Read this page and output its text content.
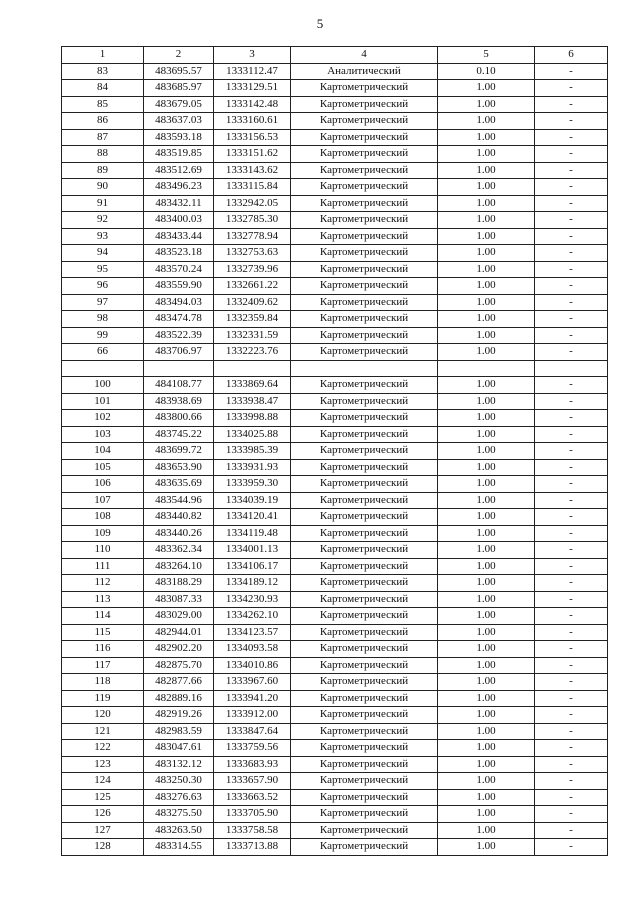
5
1	2	3	4	5	6
83	483695.57	1333112.47	Аналитический	0.10	-
84	483685.97	1333129.51	Картометрический	1.00	-
85	483679.05	1333142.48	Картометрический	1.00	-
86	483637.03	1333160.61	Картометрический	1.00	-
87	483593.18	1333156.53	Картометрический	1.00	-
88	483519.85	1333151.62	Картометрический	1.00	-
89	483512.69	1333143.62	Картометрический	1.00	-
90	483496.23	1333115.84	Картометрический	1.00	-
91	483432.11	1332942.05	Картометрический	1.00	-
92	483400.03	1332785.30	Картометрический	1.00	-
93	483433.44	1332778.94	Картометрический	1.00	-
94	483523.18	1332753.63	Картометрический	1.00	-
95	483570.24	1332739.96	Картометрический	1.00	-
96	483559.90	1332661.22	Картометрический	1.00	-
97	483494.03	1332409.62	Картометрический	1.00	-
98	483474.78	1332359.84	Картометрический	1.00	-
99	483522.39	1332331.59	Картометрический	1.00	-
66	483706.97	1332223.76	Картометрический	1.00	-

100	484108.77	1333869.64	Картометрический	1.00	-
101	483938.69	1333938.47	Картометрический	1.00	-
102	483800.66	1333998.88	Картометрический	1.00	-
103	483745.22	1334025.88	Картометрический	1.00	-
104	483699.72	1333985.39	Картометрический	1.00	-
105	483653.90	1333931.93	Картометрический	1.00	-
106	483635.69	1333959.30	Картометрический	1.00	-
107	483544.96	1334039.19	Картометрический	1.00	-
108	483440.82	1334120.41	Картометрический	1.00	-
109	483440.26	1334119.48	Картометрический	1.00	-
110	483362.34	1334001.13	Картометрический	1.00	-
111	483264.10	1334106.17	Картометрический	1.00	-
112	483188.29	1334189.12	Картометрический	1.00	-
113	483087.33	1334230.93	Картометрический	1.00	-
114	483029.00	1334262.10	Картометрический	1.00	-
115	482944.01	1334123.57	Картометрический	1.00	-
116	482902.20	1334093.58	Картометрический	1.00	-
117	482875.70	1334010.86	Картометрический	1.00	-
118	482877.66	1333967.60	Картометрический	1.00	-
119	482889.16	1333941.20	Картометрический	1.00	-
120	482919.26	1333912.00	Картометрический	1.00	-
121	482983.59	1333847.64	Картометрический	1.00	-
122	483047.61	1333759.56	Картометрический	1.00	-
123	483132.12	1333683.93	Картометрический	1.00	-
124	483250.30	1333657.90	Картометрический	1.00	-
125	483276.63	1333663.52	Картометрический	1.00	-
126	483275.50	1333705.90	Картометрический	1.00	-
127	483263.50	1333758.58	Картометрический	1.00	-
128	483314.55	1333713.88	Картометрический	1.00	-
